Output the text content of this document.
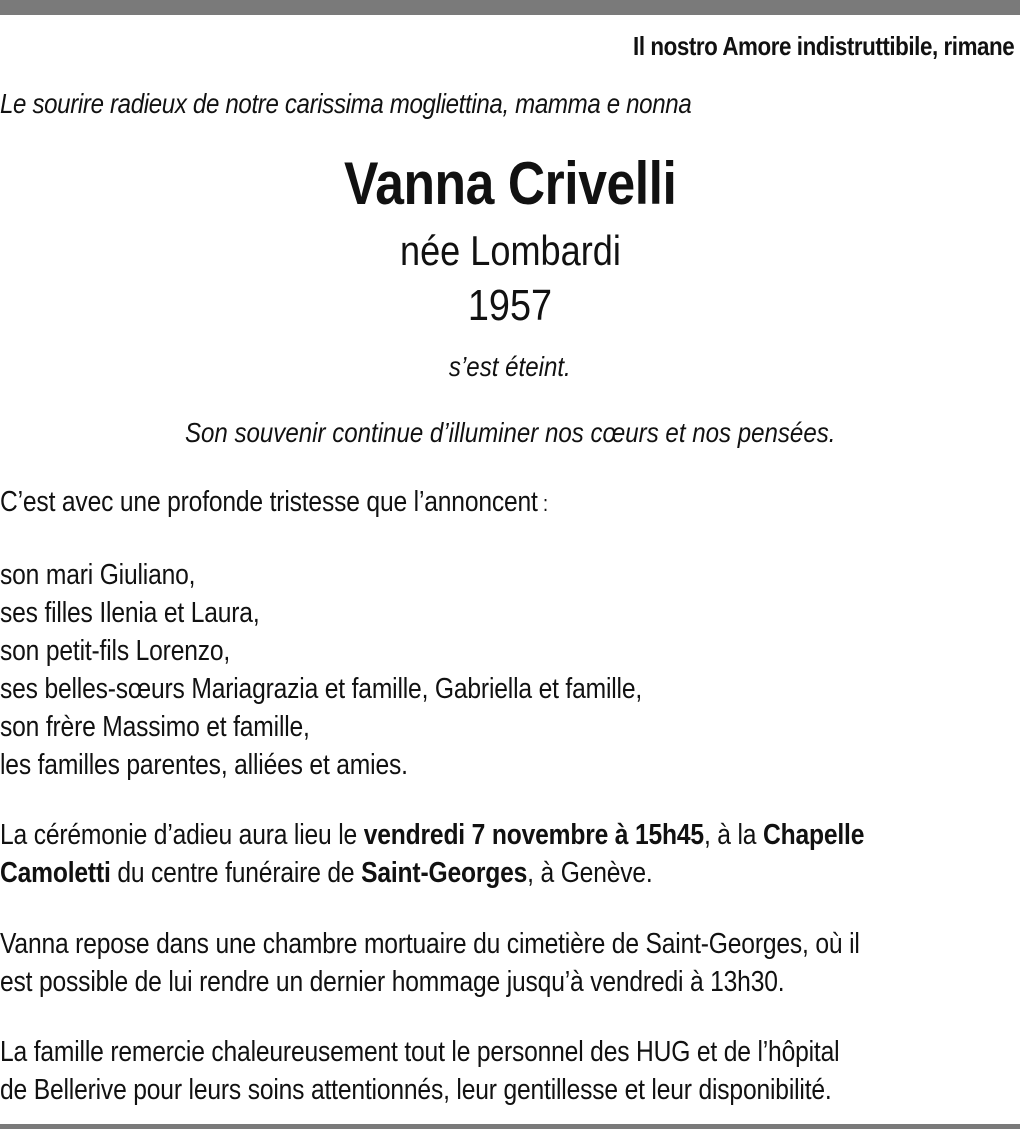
Il nostro Amore indistruttibile, rimane
Le sourire radieux de notre carissima mogliettina, mamma e nonna
Vanna Crivelli
née Lombardi
1957
s’est éteint.
Son souvenir continue d’illuminer nos cœurs et nos pensées.
C’est avec une profonde tristesse que l’annoncent :
son mari Giuliano,
ses filles Ilenia et Laura,
son petit-fils Lorenzo,
ses belles-sœurs Mariagrazia et famille, Gabriella et famille,
son frère Massimo et famille,
les familles parentes, alliées et amies.
La cérémonie d’adieu aura lieu le vendredi 7 novembre à 15h45, à la Chapelle
Camoletti du centre funéraire de Saint-Georges, à Genève.
Vanna repose dans une chambre mortuaire du cimetière de Saint-Georges, où il
est possible de lui rendre un dernier hommage jusqu’à vendredi à 13h30.
La famille remercie chaleureusement tout le personnel des HUG et de l’hôpital
de Bellerive pour leurs soins attentionnés, leur gentillesse et leur disponibilité.
